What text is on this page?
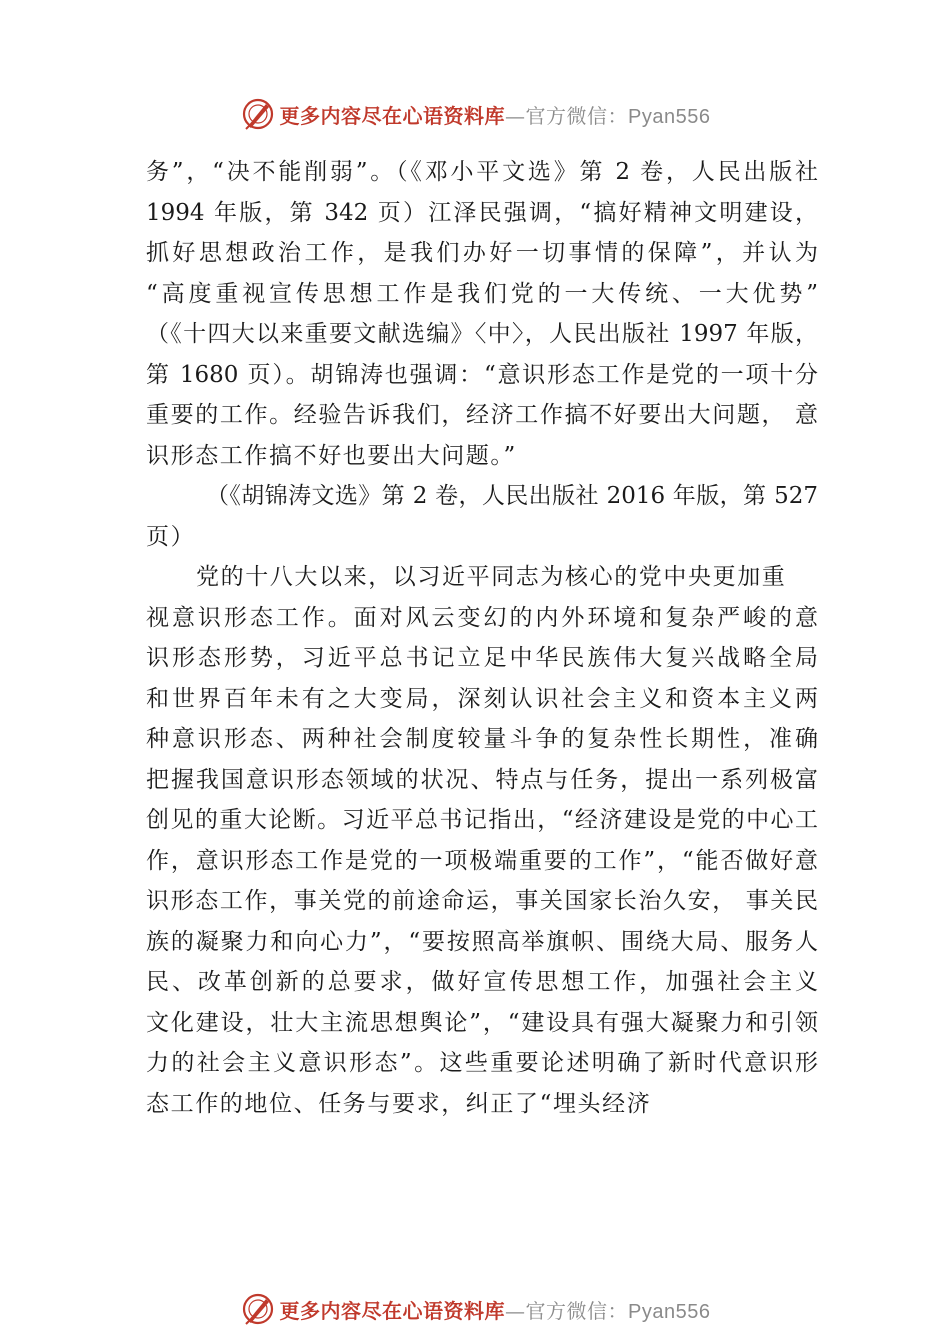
更多内容尽在心语资料库—官方微信：Pyan556
务”，“决不能削弱”。（《邓小平文选》第 2 卷，人民出版社
1994 年版，第 342 页）江泽民强调，“搞好精神文明建设，
抓好思想政治工作，是我们办好一切事情的保障”，并认为
“高度重视宣传思想工作是我们党的一大传统、一大优势”
（《十四大以来重要文献选编》〈中〉，人民出版社 1997 年版，
第 1680 页）。胡锦涛也强调：“意识形态工作是党的一项十分
重要的工作。经验告诉我们，经济工作搞不好要出大问题， 意
识形态工作搞不好也要出大问题。”
（《胡锦涛文选》第 2 卷，人民出版社 2016 年版，第 527
页）
党的十八大以来，以习近平同志为核心的党中央更加重
视意识形态工作。面对风云变幻的内外环境和复杂严峻的意
识形态形势，习近平总书记立足中华民族伟大复兴战略全局
和世界百年未有之大变局，深刻认识社会主义和资本主义两
种意识形态、两种社会制度较量斗争的复杂性长期性，准确
把握我国意识形态领域的状况、特点与任务，提出一系列极富
创见的重大论断。习近平总书记指出，“经济建设是党的中心工
作，意识形态工作是党的一项极端重要的工作”，“能否做好意
识形态工作，事关党的前途命运，事关国家长治久安， 事关民
族的凝聚力和向心力”，“要按照高举旗帜、围绕大局、服务人
民、改革创新的总要求，做好宣传思想工作，加强社会主义
文化建设，壮大主流思想舆论”，“建设具有强大凝聚力和引领
力的社会主义意识形态”。这些重要论述明确了新时代意识形
态工作的地位、任务与要求，纠正了“埋头经济
更多内容尽在心语资料库—官方微信：Pyan556
